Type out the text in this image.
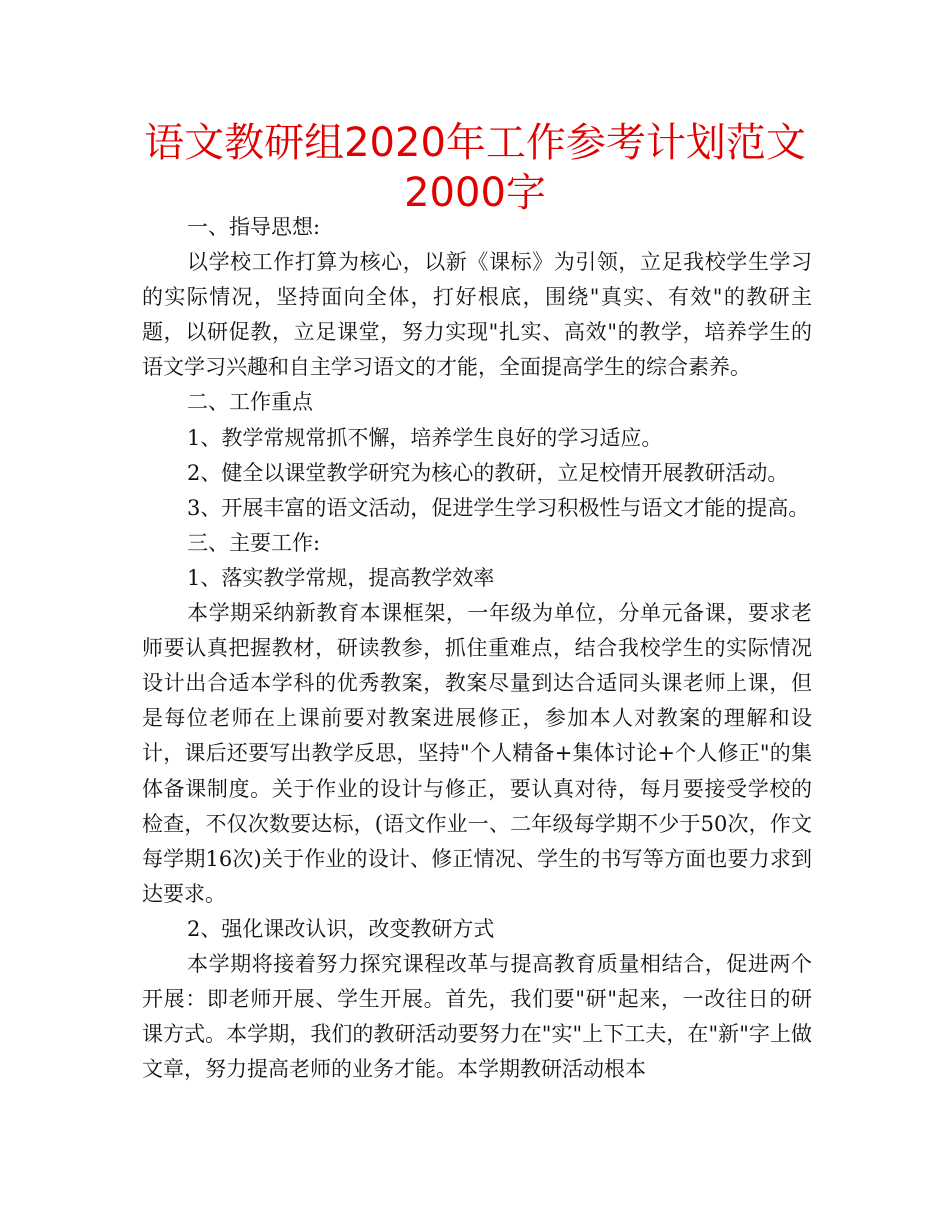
语文教研组2020年工作参考计划范文
2000字

一、指导思想:

以学校工作打算为核心，以新《课标》为引领，立足我校学生学习的实际情况，坚持面向全体，打好根底，围绕"真实、有效"的教研主题，以研促教，立足课堂，努力实现"扎实、高效"的教学，培养学生的语文学习兴趣和自主学习语文的才能，全面提高学生的综合素养。

二、工作重点

1、教学常规常抓不懈，培养学生良好的学习适应。

2、健全以课堂教学研究为核心的教研，立足校情开展教研活动。

3、开展丰富的语文活动，促进学生学习积极性与语文才能的提高。

三、主要工作:

1、落实教学常规，提高教学效率

本学期采纳新教育本课框架，一年级为单位，分单元备课，要求老师要认真把握教材，研读教参，抓住重难点，结合我校学生的实际情况设计出合适本学科的优秀教案，教案尽量到达合适同头课老师上课，但是每位老师在上课前要对教案进展修正，参加本人对教案的理解和设计，课后还要写出教学反思，坚持"个人精备+集体讨论+个人修正"的集体备课制度。关于作业的设计与修正，要认真对待，每月要接受学校的检查，不仅次数要达标，(语文作业一、二年级每学期不少于50次，作文每学期16次)关于作业的设计、修正情况、学生的书写等方面也要力求到达要求。

2、强化课改认识，改变教研方式

本学期将接着努力探究课程改革与提高教育质量相结合，促进两个开展：即老师开展、学生开展。首先，我们要"研"起来，一改往日的研课方式。本学期，我们的教研活动要努力在"实"上下工夫，在"新"字上做文章，努力提高老师的业务才能。本学期教研活动根本
